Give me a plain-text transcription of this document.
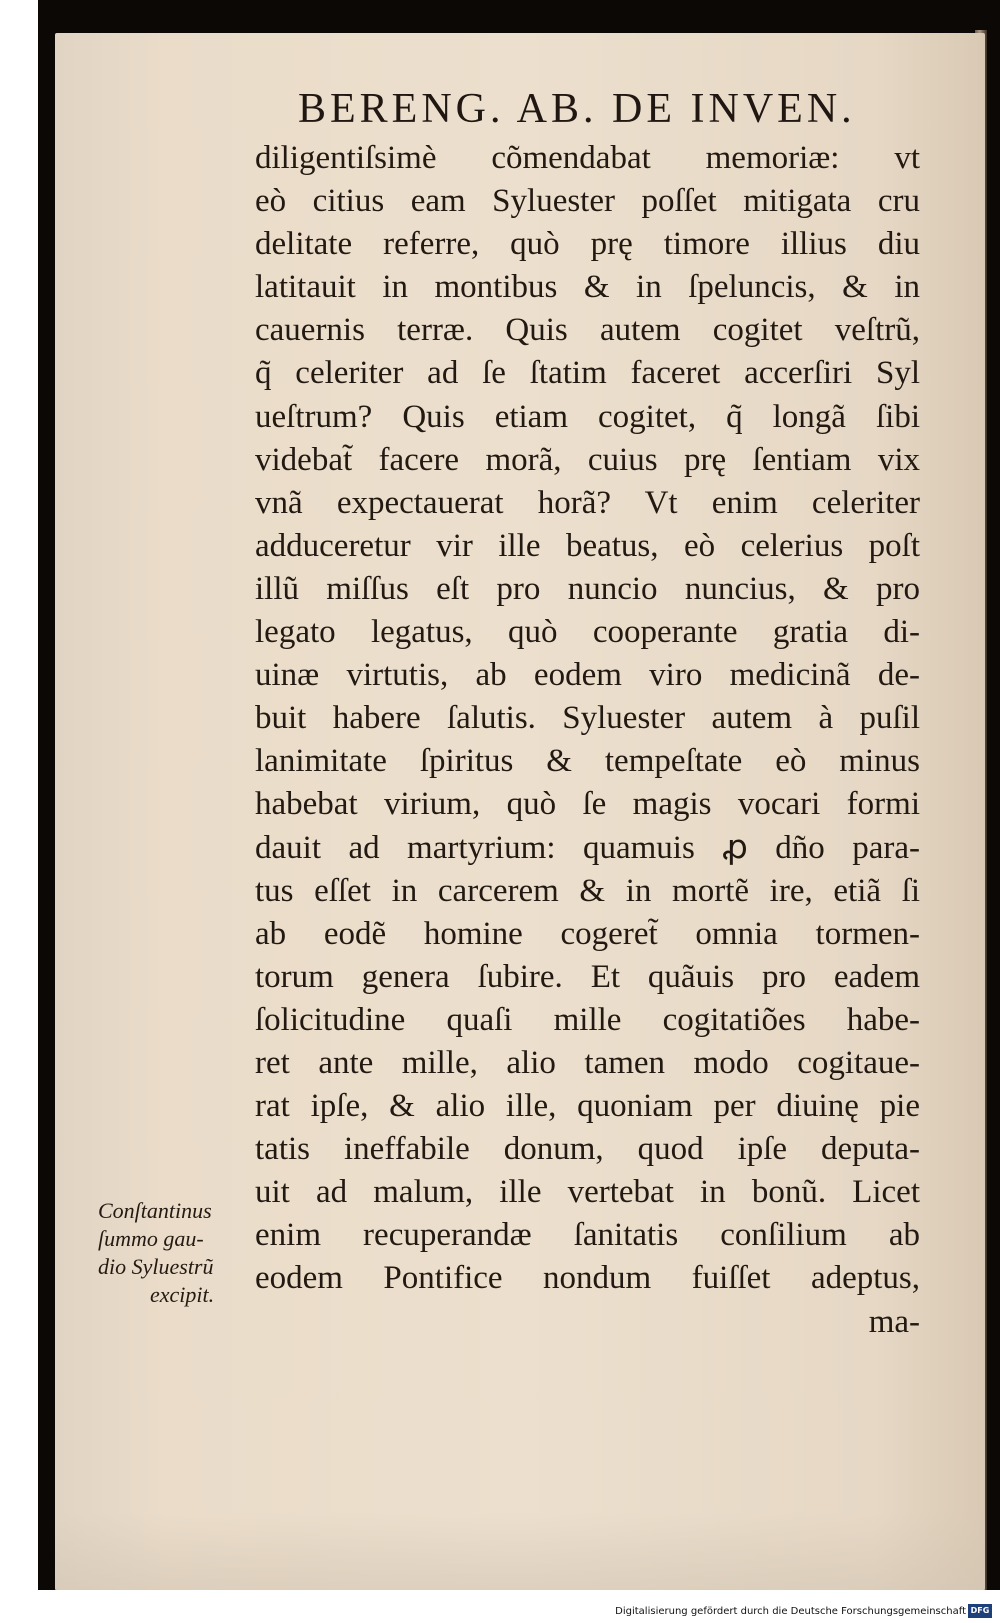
BERENG. AB. DE INVEN.
diligentiſsimè cõmendabat memoriæ: vt
eò citius eam Syluester poſſet mitigata cru
delitate referre, quò prę timore illius diu
latitauit in montibus & in ſpeluncis, & in
cauernis terræ. Quis autem cogitet veſtrũ,
q̃ celeriter ad ſe ſtatim faceret accerſiri Syl
ueſtrum? Quis etiam cogitet, q̃ longã ſibi
videbat̃ facere morã, cuius prę ſentiam vix
vnã expectauerat horã? Vt enim celeriter
adduceretur vir ille beatus, eò celerius poſt
illũ miſſus eſt pro nuncio nuncius, & pro
legato legatus, quò cooperante gratia di-
uinæ virtutis, ab eodem viro medicinã de-
buit habere ſalutis. Syluester autem à puſil
lanimitate ſpiritus & tempeſtate eò minus
habebat virium, quò ſe magis vocari formi
dauit ad martyrium: quamuis ꝓ dño para-
tus eſſet in carcerem & in mortẽ ire, etiã ſi
ab eodẽ homine cogeret̃ omnia tormen-
torum genera ſubire. Et quãuis pro eadem
ſolicitudine quaſi mille cogitatiões habe-
ret ante mille, alio tamen modo cogitaue-
rat ipſe, & alio ille, quoniam per diuinę pie
tatis ineffabile donum, quod ipſe deputa-
uit ad malum, ille vertebat in bonũ. Licet
enim recuperandæ ſanitatis conſilium ab
eodem Pontifice nondum fuiſſet adeptus,
ma-
Conſtantinus
ſummo gau-
dio Syluestrũ
excipit.
Digitalisierung gefördert durch die Deutsche Forschungsgemeinschaft DFG
